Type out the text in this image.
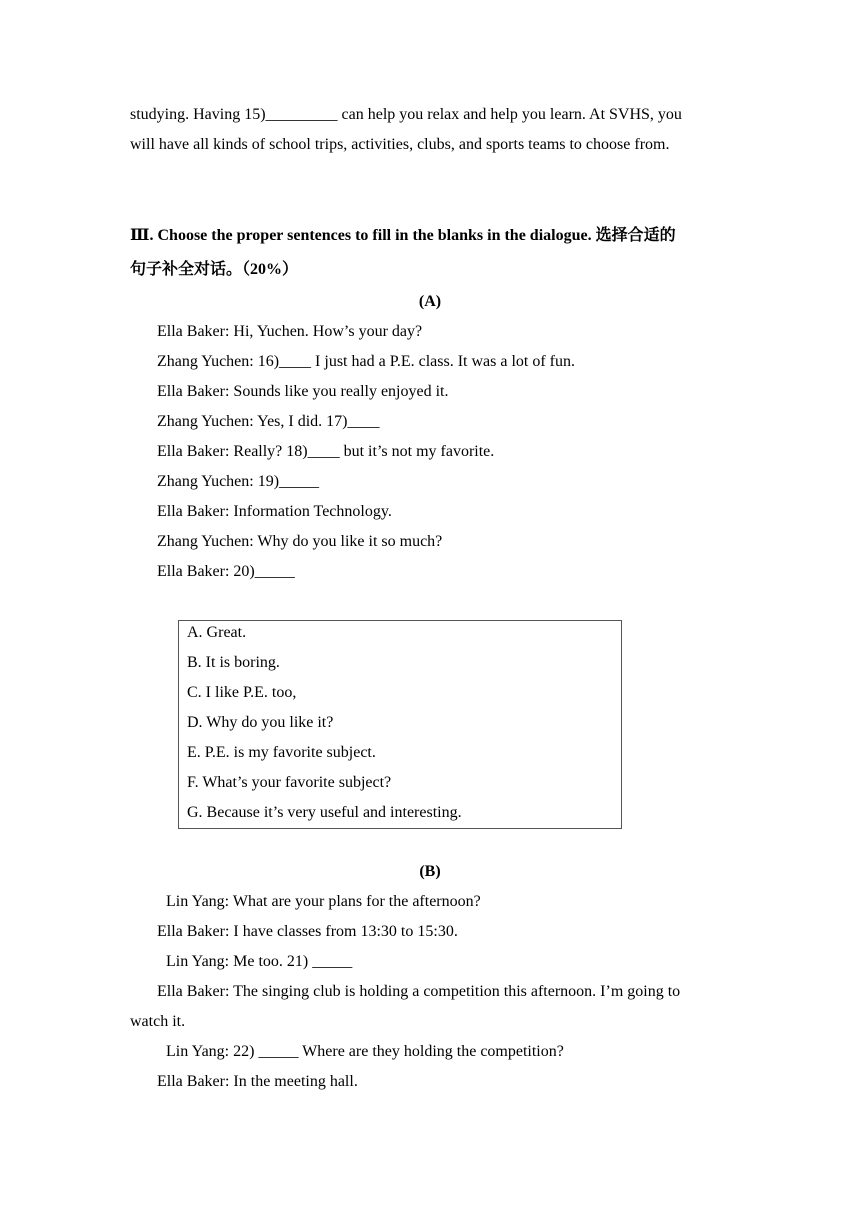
studying. Having 15)_________ can help you relax and help you learn. At SVHS, you
will have all kinds of school trips, activities, clubs, and sports teams to choose from.
Ⅲ. Choose the proper sentences to fill in the blanks in the dialogue. 选择合适的
句子补全对话。（20%）
(A)
Ella Baker: Hi, Yuchen. How’s your day?
Zhang Yuchen: 16)____ I just had a P.E. class. It was a lot of fun.
Ella Baker: Sounds like you really enjoyed it.
Zhang Yuchen: Yes, I did. 17)____
Ella Baker: Really? 18)____ but it’s not my favorite.
Zhang Yuchen: 19)_____
Ella Baker: Information Technology.
Zhang Yuchen: Why do you like it so much?
Ella Baker: 20)_____
A. Great.
B. It is boring.
C. I like P.E. too,
D. Why do you like it?
E. P.E. is my favorite subject.
F. What’s your favorite subject?
G. Because it’s very useful and interesting.
(B)
Lin Yang: What are your plans for the afternoon?
Ella Baker: I have classes from 13:30 to 15:30.
Lin Yang: Me too. 21) _____
Ella Baker: The singing club is holding a competition this afternoon. I’m going to
watch it.
Lin Yang: 22) _____ Where are they holding the competition?
Ella Baker: In the meeting hall.
